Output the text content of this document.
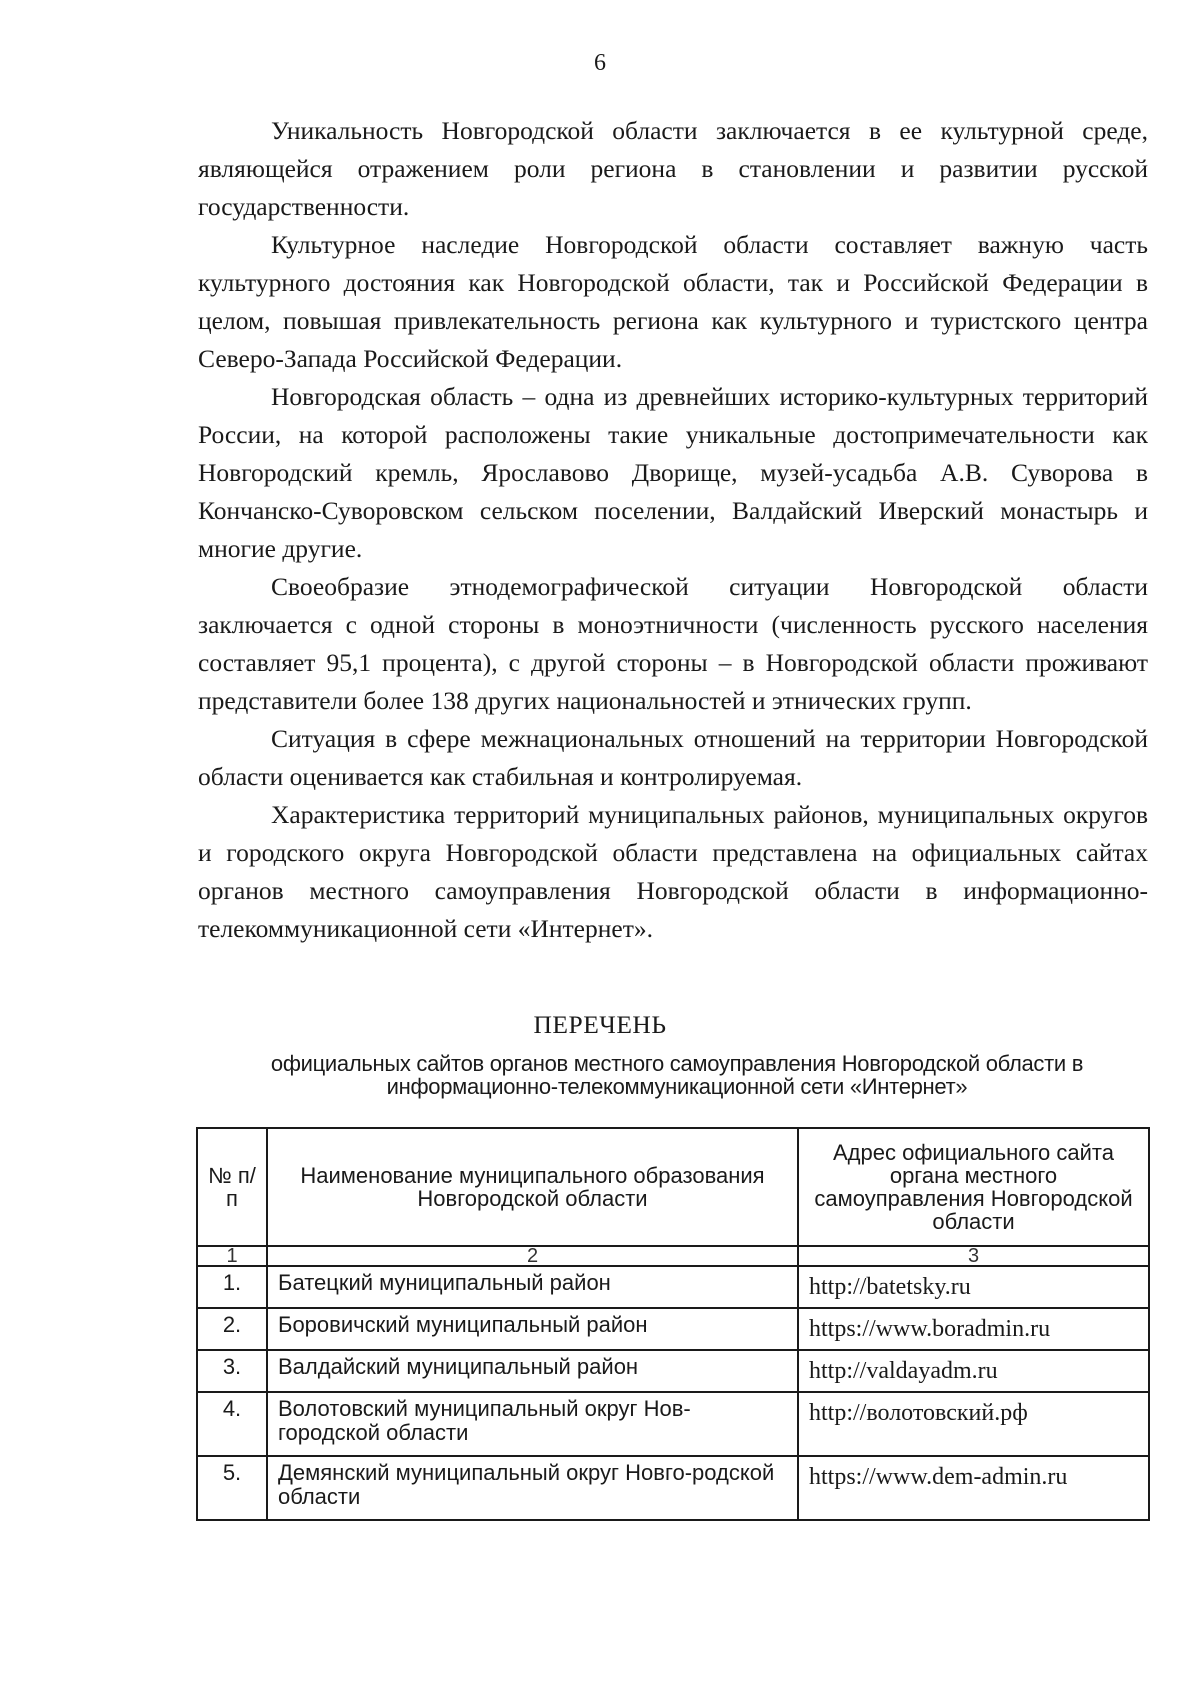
6

Уникальность Новгородской области заключается в ее культурной среде, являющейся отражением роли региона в становлении и развитии русской государственности.

Культурное наследие Новгородской области составляет важную часть культурного достояния как Новгородской области, так и Российской Федерации в целом, повышая привлекательность региона как культурного и туристского центра Северо-Запада Российской Федерации.

Новгородская область – одна из древнейших историко-культурных территорий России, на которой расположены такие уникальные достопримечательности как Новгородский кремль, Ярославово Дворище, музей-усадьба А.В. Суворова в Кончанско-Суворовском сельском поселении, Валдайский Иверский монастырь и многие другие.

Своеобразие этнодемографической ситуации Новгородской области заключается с одной стороны в моноэтничности (численность русского населения составляет 95,1 процента), с другой стороны – в Новгородской области проживают представители более 138 других национальностей и этнических групп.

Ситуация в сфере межнациональных отношений на территории Новгородской области оценивается как стабильная и контролируемая.

Характеристика территорий муниципальных районов, муниципальных округов и городского округа Новгородской области представлена на официальных сайтах органов местного самоуправления Новгородской области в информационно-телекоммуникационной сети «Интернет».

ПЕРЕЧЕНЬ
официальных сайтов органов местного самоуправления Новгородской области в информационно-телекоммуникационной сети «Интернет»
№ п/п	Наименование муниципального образования Новгородской области	Адрес официального сайта органа местного самоуправления Новгородской области
1	2	3
1.	Батецкий муниципальный район	http://batetsky.ru
2.	Боровичский муниципальный район	https://www.boradmin.ru
3.	Валдайский муниципальный район	http://valdayadm.ru
4.	Волотовский муниципальный округ Нов-городской области	http://волотовский.рф
5.	Демянский муниципальный округ Новго-родской области	https://www.dem-admin.ru
